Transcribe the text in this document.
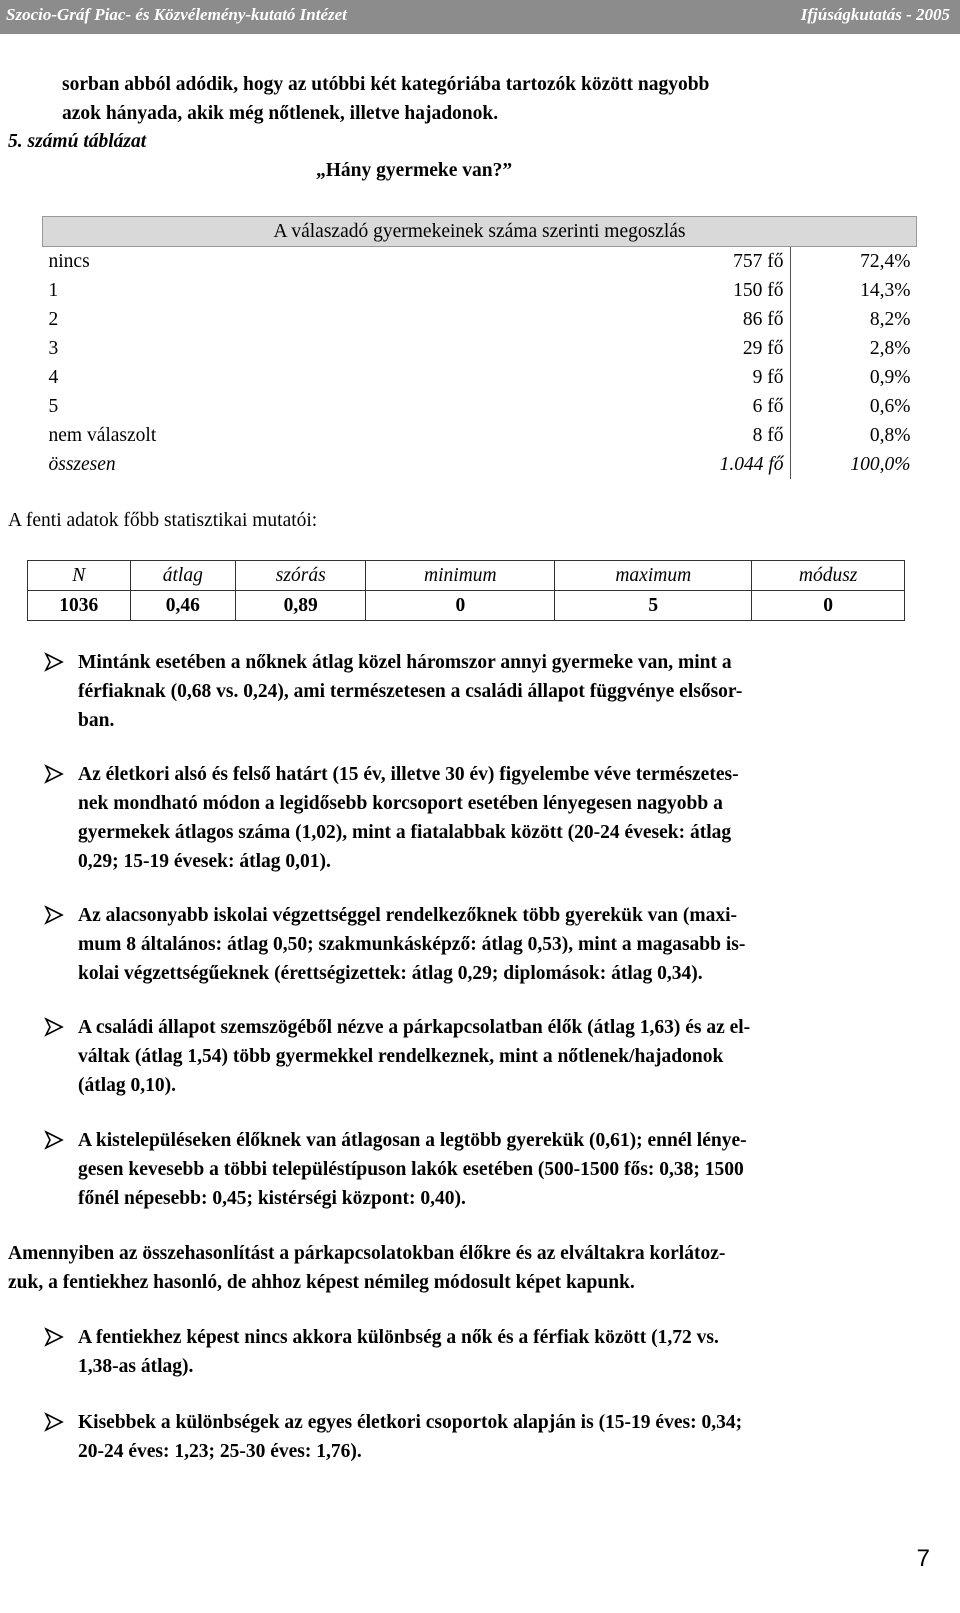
Szocio-Gráf Piac- és Közvélemény-kutató Intézet	Ifjúságkutatás - 2005
sorban abból adódik, hogy az utóbbi két kategóriába tartozók között nagyobb
azok hányada, akik még nőtlenek, illetve hajadonok.
5. számú táblázat
„Hány gyermeke van?”
A válaszadó gyermekeinek száma szerinti megoszlás		
nincs	757 fő	72,4%
1	150 fő	14,3%
2	86 fő	8,2%
3	29 fő	2,8%
4	9 fő	0,9%
5	6 fő	0,6%
nem válaszolt	8 fő	0,8%
összesen	1.044 fő	100,0%
A fenti adatok főbb statisztikai mutatói:
N	átlag	szórás	minimum	maximum	módusz
1036	0,46	0,89	0	5	0
Mintánk esetében a nőknek átlag közel háromszor annyi gyermeke van, mint a
férfiaknak (0,68 vs. 0,24), ami természetesen a családi állapot függvénye elsősor-
ban.
Az életkori alsó és felső határt (15 év, illetve 30 év) figyelembe véve természetes-
nek mondható módon a legidősebb korcsoport esetében lényegesen nagyobb a
gyermekek átlagos száma (1,02), mint a fiatalabbak között (20-24 évesek: átlag
0,29; 15-19 évesek: átlag 0,01).
Az alacsonyabb iskolai végzettséggel rendelkezőknek több gyerekük van (maxi-
mum 8 általános: átlag 0,50; szakmunkásképző: átlag 0,53), mint a magasabb is-
kolai végzettségűeknek (érettségizettek: átlag 0,29; diplomások: átlag 0,34).
A családi állapot szemszögéből nézve a párkapcsolatban élők (átlag 1,63) és az el-
váltak (átlag 1,54) több gyermekkel rendelkeznek, mint a nőtlenek/hajadonok
(átlag 0,10).
A kistelepüléseken élőknek van átlagosan a legtöbb gyerekük (0,61); ennél lénye-
gesen kevesebb a többi településtípuson lakók esetében (500-1500 fős: 0,38; 1500
főnél népesebb: 0,45; kistérségi központ: 0,40).
Amennyiben az összehasonlítást a párkapcsolatokban élőkre és az elváltakra korlátoz-
zuk, a fentiekhez hasonló, de ahhoz képest némileg módosult képet kapunk.
A fentiekhez képest nincs akkora különbség a nők és a férfiak között (1,72 vs.
1,38-as átlag).
Kisebbek a különbségek az egyes életkori csoportok alapján is (15-19 éves: 0,34;
20-24 éves: 1,23; 25-30 éves: 1,76).
7
